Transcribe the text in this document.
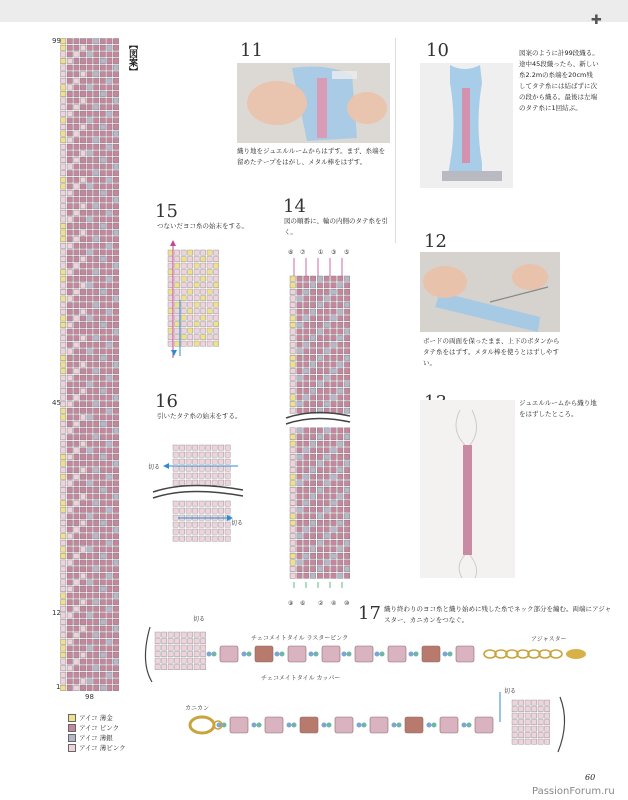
✚
99
45
12
1
98
【図案】
アイコ 薄金
アイコ ピンク
アイコ 薄銀
アイコ 薄ピンク
11
織り地をジュエルルームからはずす。まず、糸端を留めたテープをはがし、メタル棒をはずす。
10	図案のように計99段織る。途中45段織ったら、新しい糸2.2mの糸端を20cm残してタテ糸には結ばずに次の段から織る。最後は左端のタテ糸に1回結ぶ。
15
つないだヨコ糸の始末をする。
14
図の順番に、輪の内側のタテ糸を引く。
⑧ ⑦ ① ③ ⑤
⑨ ⑥ ② ④ ⑩
12
ボードの両面を保ったまま、上下のボタンからタテ糸をはずす。メタル棒を使うとはずしやすい。
16
引いたタテ糸の始末をする。
切る
切る
ジュエルルームから織り地をはずしたところ。
17 織り終わりのヨコ糸と織り始めに残した糸でネック部分を編む。両端にアジャスター、カニカンをつなぐ。
切る
切る
チェコメイトタイル ラスターピンク
チェコメイトタイル カッパー
アジャスター
カニカン
60
PassionForum.ru
